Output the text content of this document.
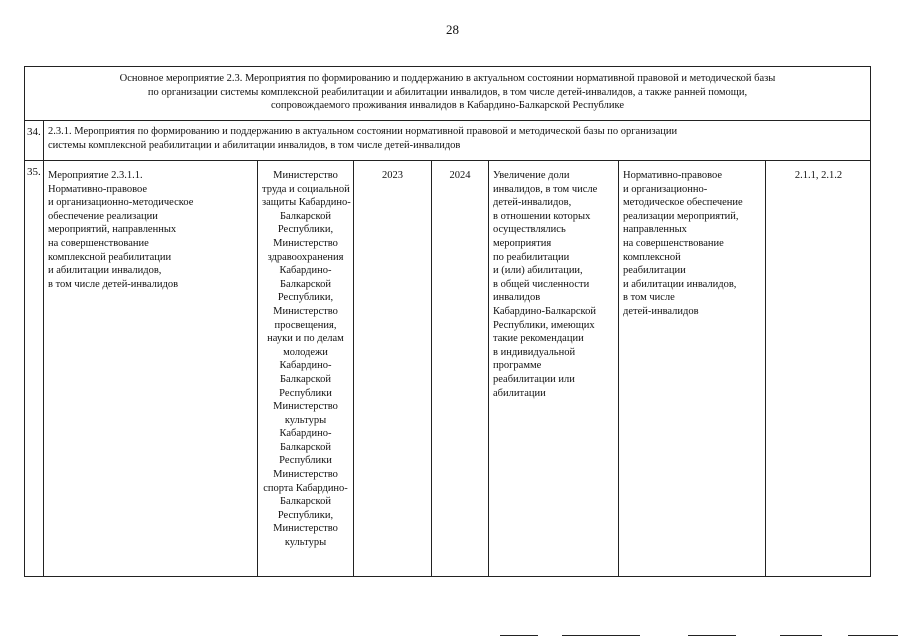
28
Основное мероприятие 2.3. Мероприятия по формированию и поддержанию в актуальном состоянии нормативной правовой и методической базы
по организации системы комплексной реабилитации и абилитации инвалидов, в том числе детей-инвалидов, а также ранней помощи,
сопровождаемого проживания инвалидов в Кабардино-Балкарской Республике
34. 2.3.1. Мероприятия по формированию и поддержанию в актуальном состоянии нормативной правовой и методической базы по организации
системы комплексной реабилитации и абилитации инвалидов, в том числе детей-инвалидов
35. Мероприятие 2.3.1.1.
Нормативно-правовое
и организационно-методическое
обеспечение реализации
мероприятий, направленных
на совершенствование
комплексной реабилитации
и абилитации инвалидов,
в том числе детей-инвалидов
Министерство
труда и социальной
защиты Кабардино-
Балкарской
Республики,
Министерство
здравоохранения
Кабардино-
Балкарской
Республики,
Министерство
просвещения,
науки и по делам
молодежи
Кабардино-
Балкарской
Республики
Министерство
культуры
Кабардино-
Балкарской
Республики
Министерство
спорта Кабардино-
Балкарской
Республики,
Министерство
культуры
2023	2024	Увеличение доли
инвалидов, в том числе
детей-инвалидов,
в отношении которых
осуществлялись
мероприятия
по реабилитации
и (или) абилитации,
в общей численности
инвалидов
Кабардино-Балкарской
Республики, имеющих
такие рекомендации
в индивидуальной
программе
реабилитации или
абилитации
Нормативно-правовое
и организационно-
методическое обеспечение
реализации мероприятий,
направленных
на совершенствование
комплексной
реабилитации
и абилитации инвалидов,
в том числе
детей-инвалидов
2.1.1, 2.1.2
